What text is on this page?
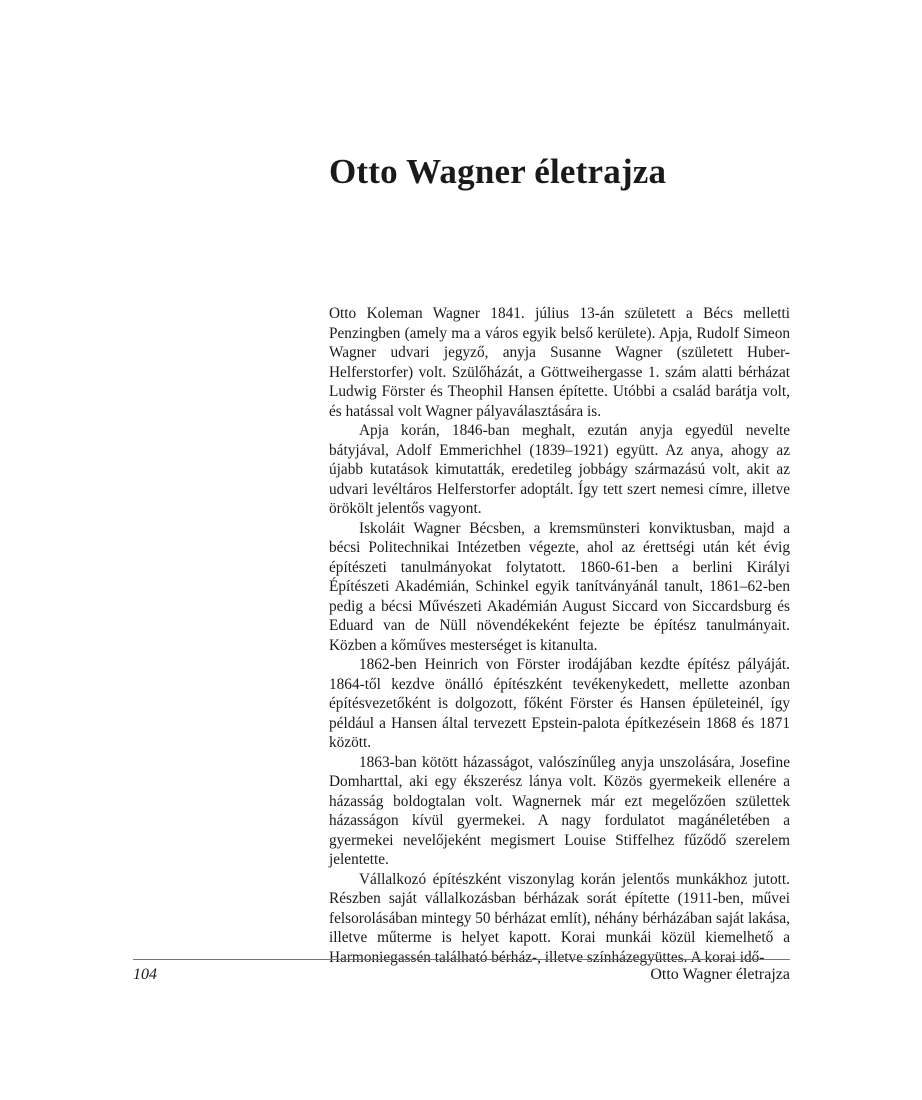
Otto Wagner életrajza

Otto Koleman Wagner 1841. július 13-án született a Bécs melletti Penzingben (amely ma a város egyik belső kerülete). Apja, Rudolf Simeon Wagner udvari jegyző, anyja Susanne Wagner (született Huber-Helferstorfer) volt. Szülőházát, a Göttweihergasse 1. szám alatti bérházat Ludwig Förster és Theophil Hansen építette. Utóbbi a család barátja volt, és hatással volt Wagner pályaválasztására is.

Apja korán, 1846-ban meghalt, ezután anyja egyedül nevelte bátyjával, Adolf Emmerichhel (1839–1921) együtt. Az anya, ahogy az újabb kutatások kimutatták, eredetileg jobbágy származású volt, akit az udvari levéltáros Helferstorfer adoptált. Így tett szert nemesi címre, illetve örökölt jelentős vagyont.

Iskoláit Wagner Bécsben, a kremsmünsteri konviktusban, majd a bécsi Politechnikai Intézetben végezte, ahol az érettségi után két évig építészeti tanulmányokat folytatott. 1860-61-ben a berlini Királyi Építészeti Akadémián, Schinkel egyik tanítványánál tanult, 1861–62-ben pedig a bécsi Művészeti Akadémián August Siccard von Siccardsburg és Eduard van de Nüll növendékeként fejezte be építész tanulmányait. Közben a kőműves mesterséget is kitanulta.

1862-ben Heinrich von Förster irodájában kezdte építész pályáját. 1864-től kezdve önálló építészként tevékenykedett, mellette azonban építésvezetőként is dolgozott, főként Förster és Hansen épületeinél, így például a Hansen által tervezett Epstein-palota építkezésein 1868 és 1871 között.

1863-ban kötött házasságot, valószínűleg anyja unszolására, Josefine Domharttal, aki egy ékszerész lánya volt. Közös gyermekeik ellenére a házasság boldogtalan volt. Wagnernek már ezt megelőzően születtek házasságon kívül gyermekei. A nagy fordulatot magánéletében a gyermekei nevelőjeként megismert Louise Stiffelhez fűződő szerelem jelentette.

Vállalkozó építészként viszonylag korán jelentős munkákhoz jutott. Részben saját vállalkozásban bérházak sorát építette (1911-ben, művei felsorolásában mintegy 50 bérházat említ), néhány bérházában saját lakása, illetve műterme is helyet kapott. Korai munkái közül kiemelhető a Harmoniegassén található bérház-, illetve színházegyüttes. A korai idő-

104	Otto Wagner életrajza
